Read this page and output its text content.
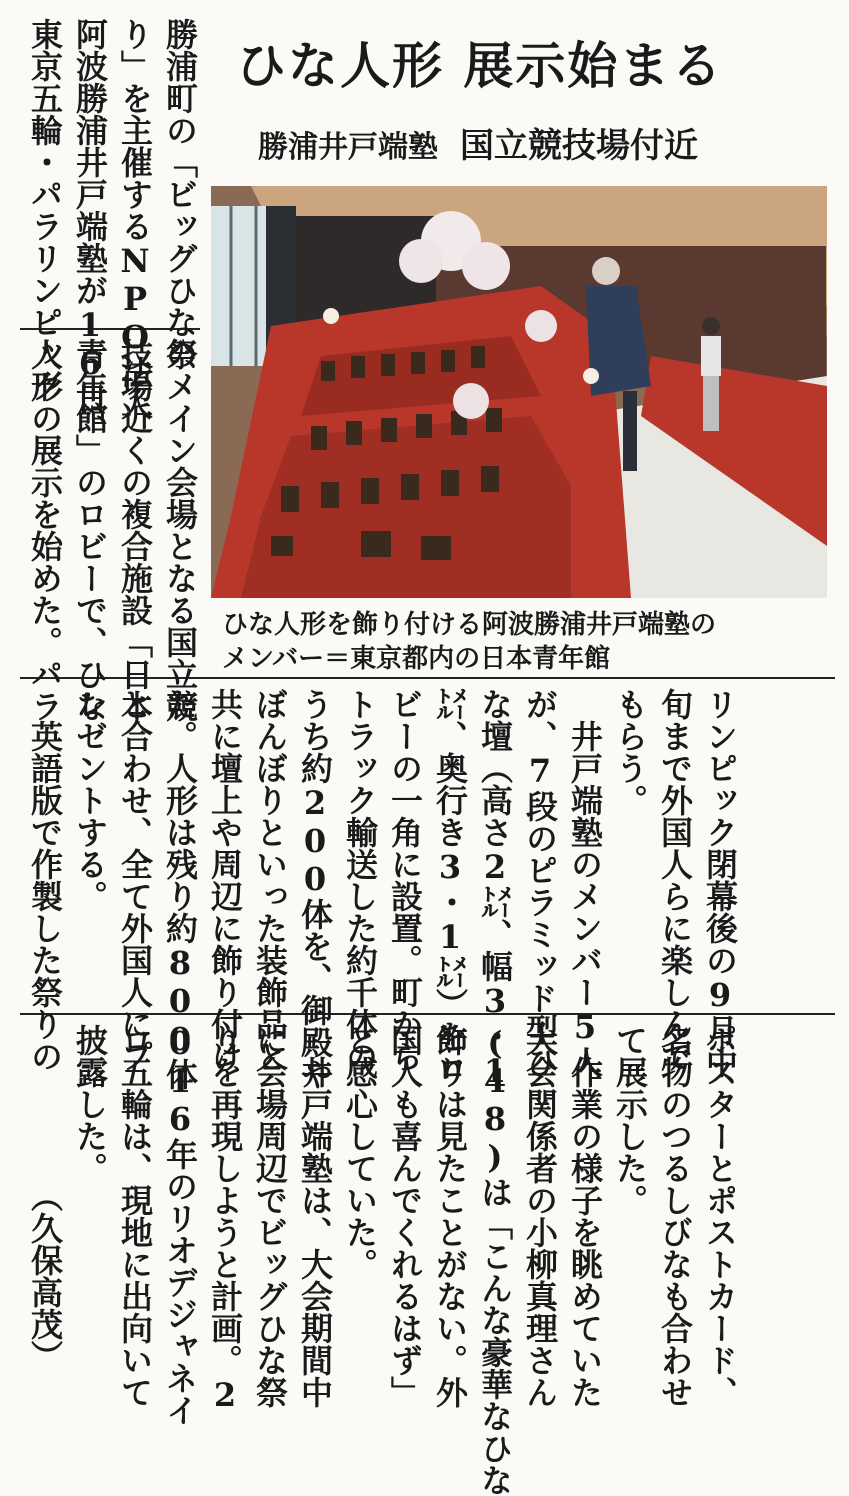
ひな人形 展示始まる
勝浦井戸端塾 国立競技場付近
ひな人形を飾り付ける阿波勝浦井戸端塾の
メンバー＝東京都内の日本青年館
勝浦町の「ビッグひな祭
り」を主催するNPO法人
阿波勝浦井戸端塾が16日、
東京五輪・パラリンピック
のメイン会場となる国立競
技場近くの複合施設「日本
青年館」のロビーで、ひな
人形の展示を始めた。パラ
リンピック閉幕後の9月中
旬まで外国人らに楽しんで
もらう。
井戸端塾のメンバー5人
が、7段のピラミッド型ひ
な壇（高さ2㍍、幅3・1
㍍、奥行き3・1㍍）をロ
ビーの一角に設置。町から
トラック輸送した約千体の
うち約200体を、御殿や
ぼんぼりといった装飾品と
共に壇上や周辺に飾り付け
た。人形は残り約800体
と合わせ、全て外国人にプ
レゼントする。
英語版で作製した祭りの
ポスターとポストカード、
名物のつるしびなも合わせ
て展示した。
作業の様子を眺めていた
大会関係者の小柳真理さん
(48)は「こんな豪華なひな
飾りは見たことがない。外
国人も喜んでくれるはず」
と感心していた。
井戸端塾は、大会期間中
に会場周辺でビッグひな祭
りを再現しようと計画。2
016年のリオデジャネイ
ロ五輪は、現地に出向いて
披露した。
（久保高茂）
